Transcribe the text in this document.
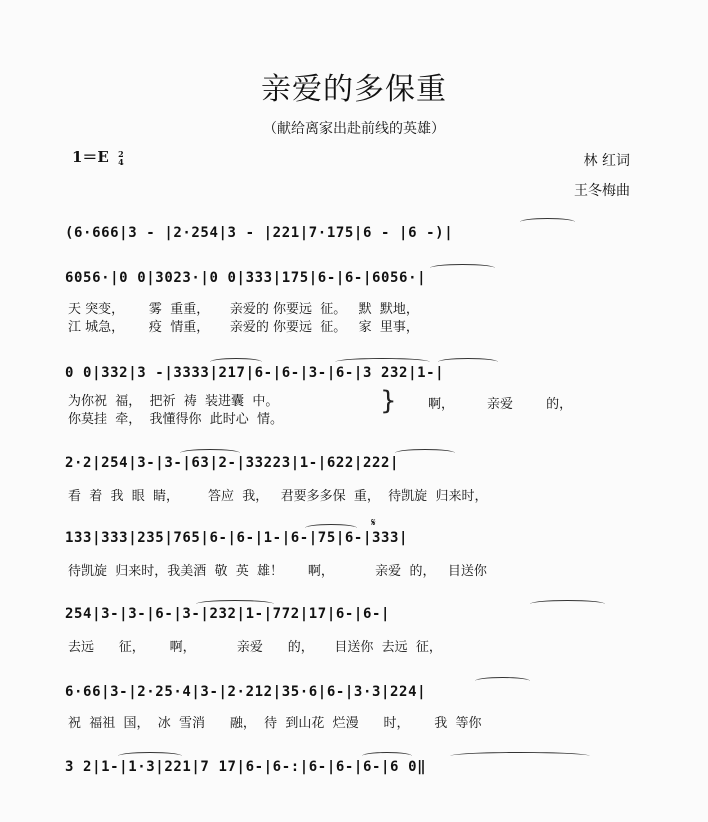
亲爱的多保重
（献给离家出赴前线的英雄）
1＝E 2
4	林 红词
王冬梅曲
(6·666|3 - |2·254|3 - |221|7·175|6 - |6 -)|
6056·|0 0|3023·|0 0|333|175|6-|6-|6056·|
天 突变，      雾  重重，     亲爱的 你要远  征。   默  默地，
江 城急，      疫  情重，     亲爱的 你要远  征。   家  里事，
0 0|332|3 -|3333|217|6-|6-|3-|6-|3 232|1-|
为你祝  福，  把祈  祷  装进囊  中。
你莫挂  牵，  我懂得你  此时心  情。
} 啊，        亲爱        的，
2·2|254|3-|3-|63|2-|33223|1-|622|222|
看  着  我  眼  睛，       答应  我，   君要多多保  重，  待凯旋  归来时，
𝄋
133|333|235|765|6-|6-|1-|6-|75|6-|333|
待凯旋  归来时，我美酒  敬  英  雄！      啊，          亲爱  的，   目送你
254|3-|3-|6-|3-|232|1-|772|17|6-|6-|
去远      征，      啊，          亲爱      的，     目送你  去远  征，
6·66|3-|2·25·4|3-|2·212|35·6|6-|3·3|224|
祝  福祖  国，  冰  雪消      融，  待  到山花  烂漫      时，      我  等你
3 2|1-|1·3|221|7 17|6-|6-:|6-|6-|6-|6 0‖
